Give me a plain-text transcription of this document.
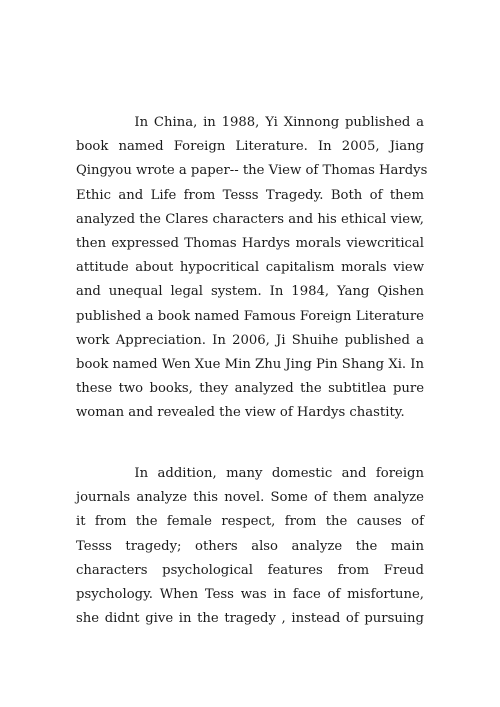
In China, in 1988, Yi Xinnong published a
book named Foreign Literature. In 2005, Jiang
Qingyou wrote a paper-- the View of Thomas Hardys
Ethic and Life from Tesss Tragedy. Both of them
analyzed the Clares characters and his ethical view,
then expressed Thomas Hardys morals viewcritical
attitude about hypocritical capitalism morals view
and unequal legal system. In 1984, Yang Qishen
published a book named Famous Foreign Literature
work Appreciation. In 2006, Ji Shuihe published a
book named Wen Xue Min Zhu Jing Pin Shang Xi. In
these two books, they analyzed the subtitlea pure
woman and revealed the view of Hardys chastity.

In addition, many domestic and foreign
journals analyze this novel. Some of them analyze
it from the female respect, from the causes of
Tesss tragedy; others also analyze the main
characters psychological features from Freud
psychology. When Tess was in face of misfortune,
she didnt give in the tragedy , instead of pursuing
